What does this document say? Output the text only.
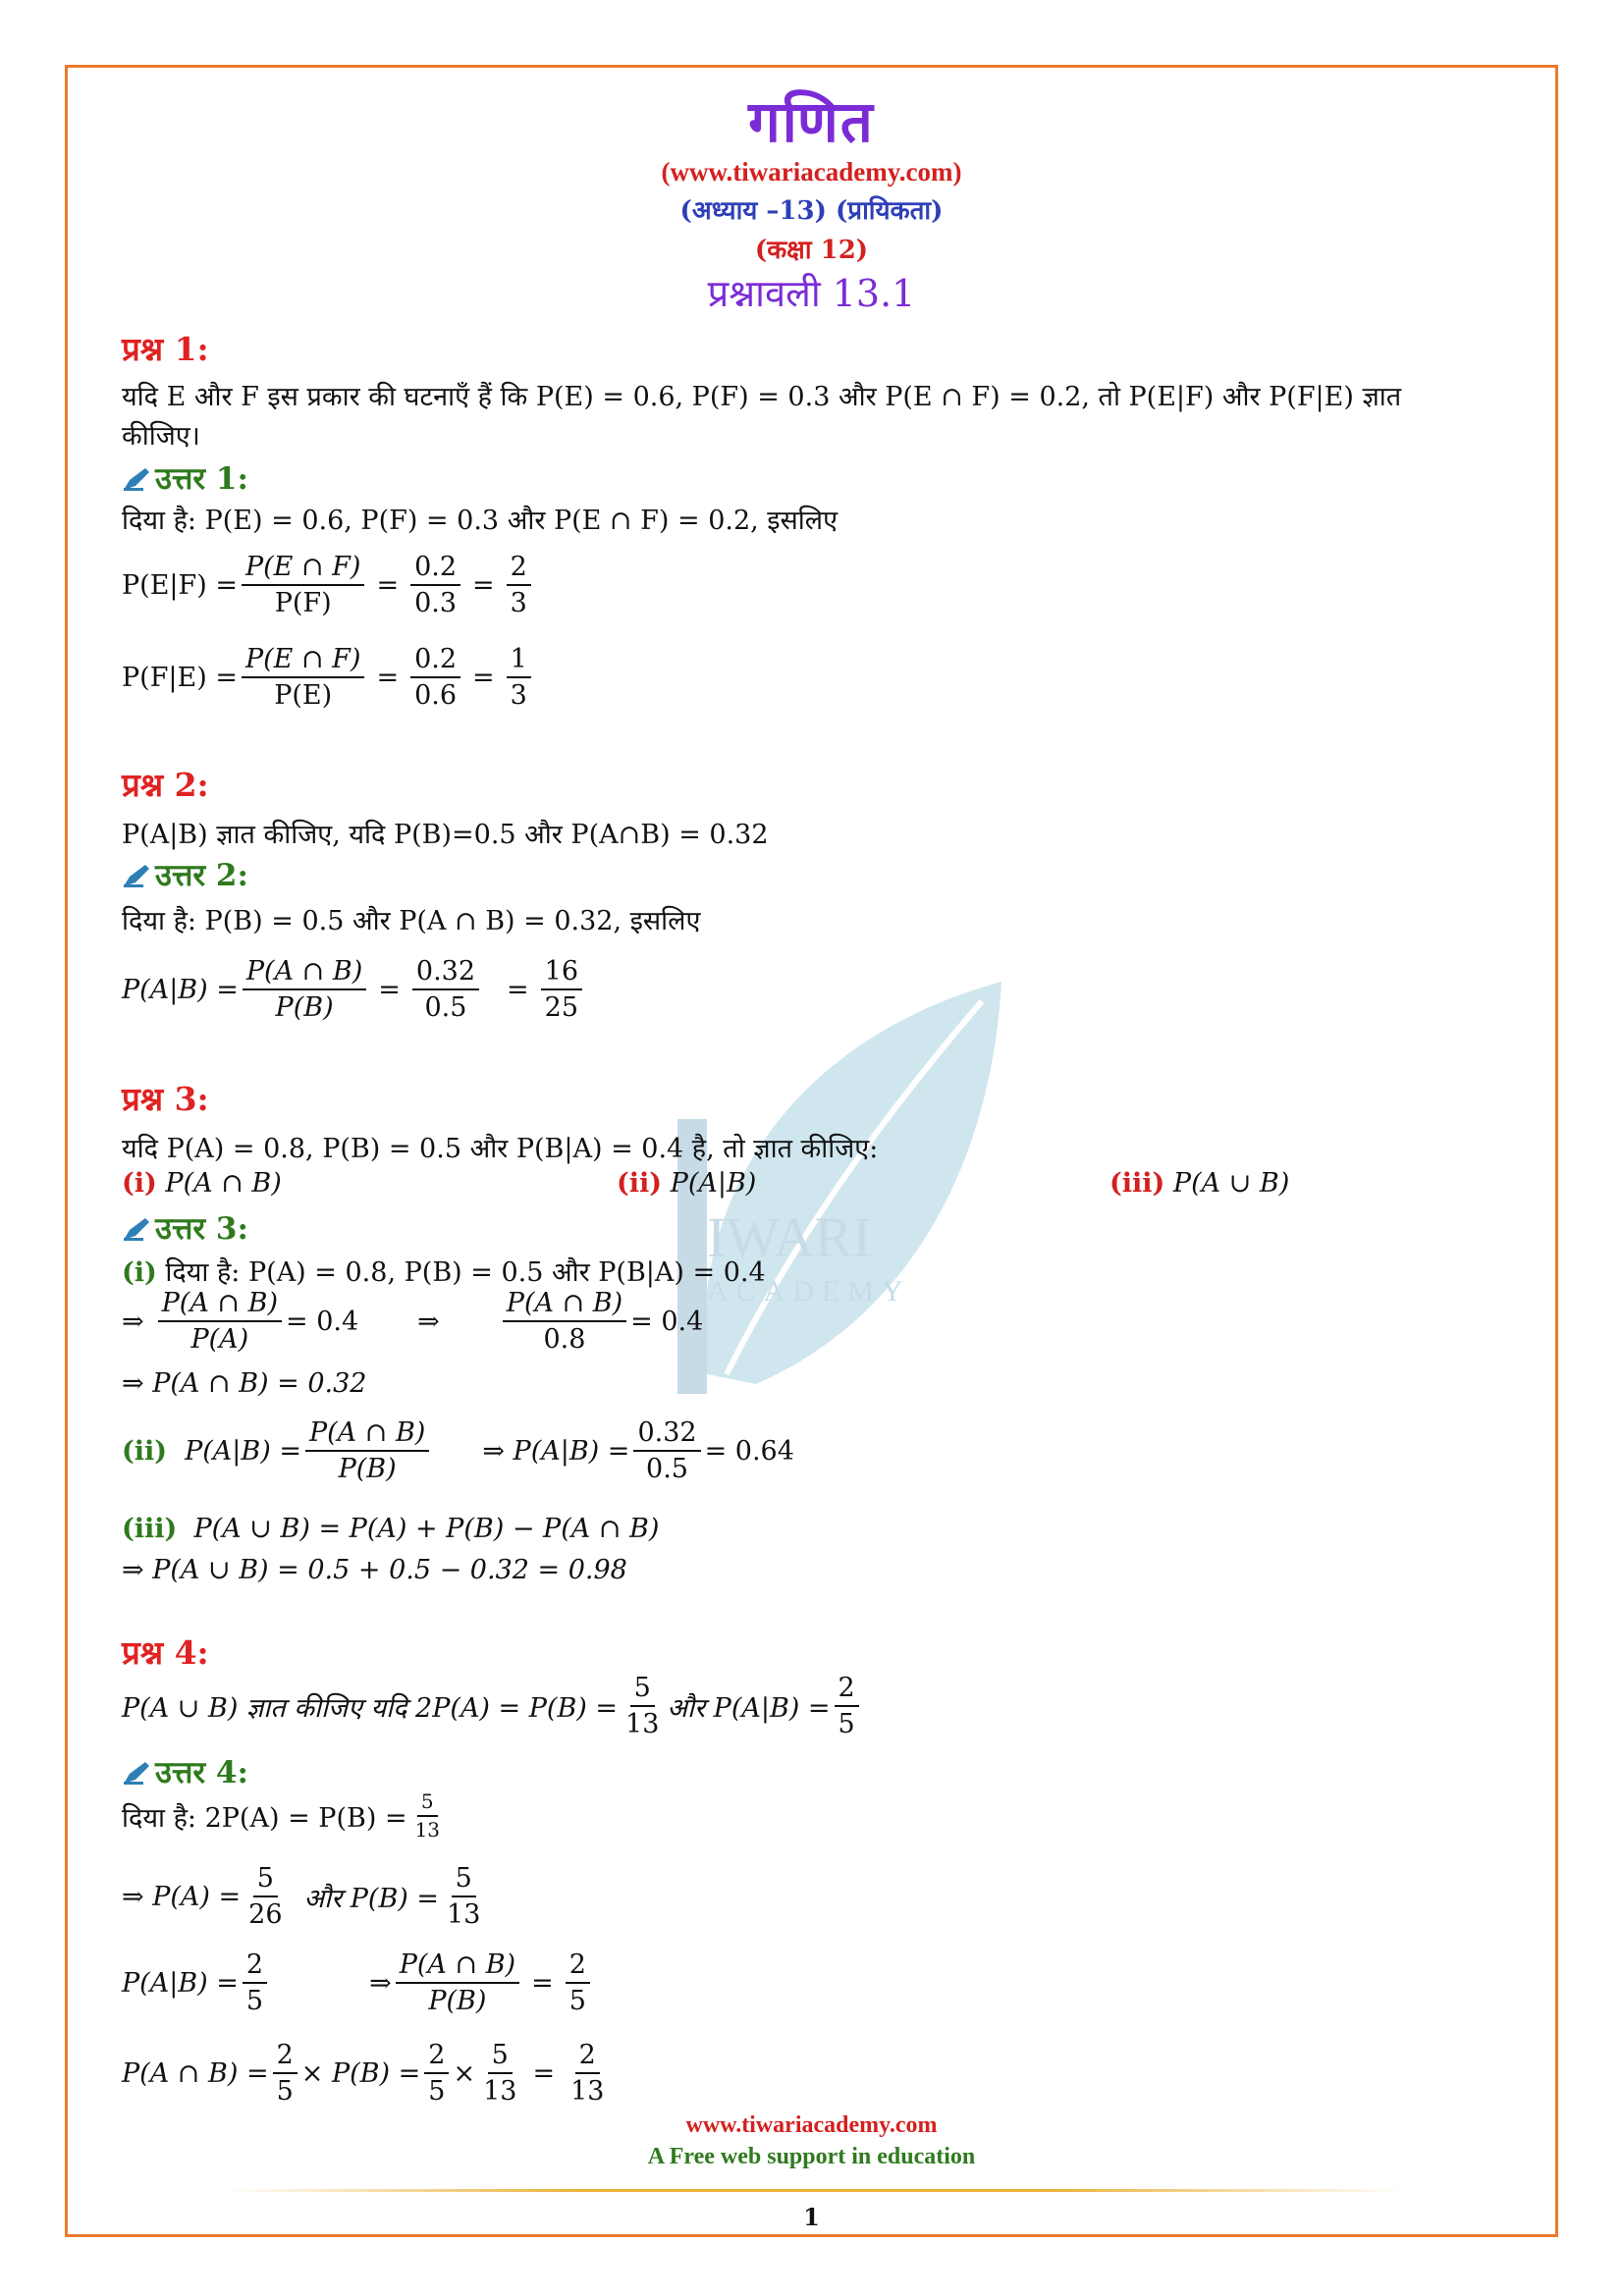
IWARI
ACADEMY
गणित
(www.tiwariacademy.com)
(अध्याय –13) (प्रायिकता)
(कक्षा 12)
प्रश्नावली 13.1
प्रश्न 1:
यदि E और F इस प्रकार की घटनाएँ हैं कि P(E) = 0.6, P(F) = 0.3 और P(E ∩ F) = 0.2, तो P(E|F) और P(F|E) ज्ञात
कीजिए।
उत्तर 1:
दिया है: P(E) = 0.6, P(F) = 0.3 और P(E ∩ F) = 0.2, इसलिए
$P(E|F) = \frac{P(E \cap F)}{P(F)} = \frac{0.2}{0.3} = \frac{2}{3}$
$P(F|E) = \frac{P(E \cap F)}{P(E)} = \frac{0.2}{0.6} = \frac{1}{3}$
प्रश्न 2:
P(A|B) ज्ञात कीजिए, यदि P(B)=0.5 और P(A∩B) = 0.32
उत्तर 2:
दिया है: P(B) = 0.5 और P(A ∩ B) = 0.32, इसलिए
$P(A|B) = \frac{P(A \cap B)}{P(B)} = \frac{0.32}{0.5} = \frac{16}{25}$
प्रश्न 3:
यदि P(A) = 0.8, P(B) = 0.5 और P(B|A) = 0.4 है, तो ज्ञात कीजिए:
(i) P(A ∩ B)	(ii) P(A|B)	(iii) P(A ∪ B)
उत्तर 3:
(i) दिया है: P(A) = 0.8, P(B) = 0.5 और P(B|A) = 0.4
⇒ $\frac{P(A \cap B)}{P(A)} = 0.4$ ⇒ $\frac{P(A \cap B)}{0.8} = 0.4$
⇒ P(A ∩ B) = 0.32
(ii) $P(A|B) = \frac{P(A \cap B)}{P(B)}$ ⇒ $P(A|B) = \frac{0.32}{0.5} = 0.64$
(iii) P(A ∪ B) = P(A) + P(B) − P(A ∩ B)
⇒ P(A ∪ B) = 0.5 + 0.5 − 0.32 = 0.98
प्रश्न 4:
P(A ∪ B) ज्ञात कीजिए यदि $2P(A) = P(B) = \frac{5}{13}$ और $P(A|B) = \frac{2}{5}$
उत्तर 4:
दिया है: $2P(A) = P(B) = \frac{5}{13}$
⇒ $P(A) = \frac{5}{26}$ और $P(B) = \frac{5}{13}$
$P(A|B) = \frac{2}{5}$	⇒ $\frac{P(A \cap B)}{P(B)} = \frac{2}{5}$
P(A ∩ $B) = \frac{2}{5} \times P(B) = \frac{2}{5} \times \frac{5}{13} = \frac{2}{13}$
www.tiwariacademy.com
A Free web support in education
1
